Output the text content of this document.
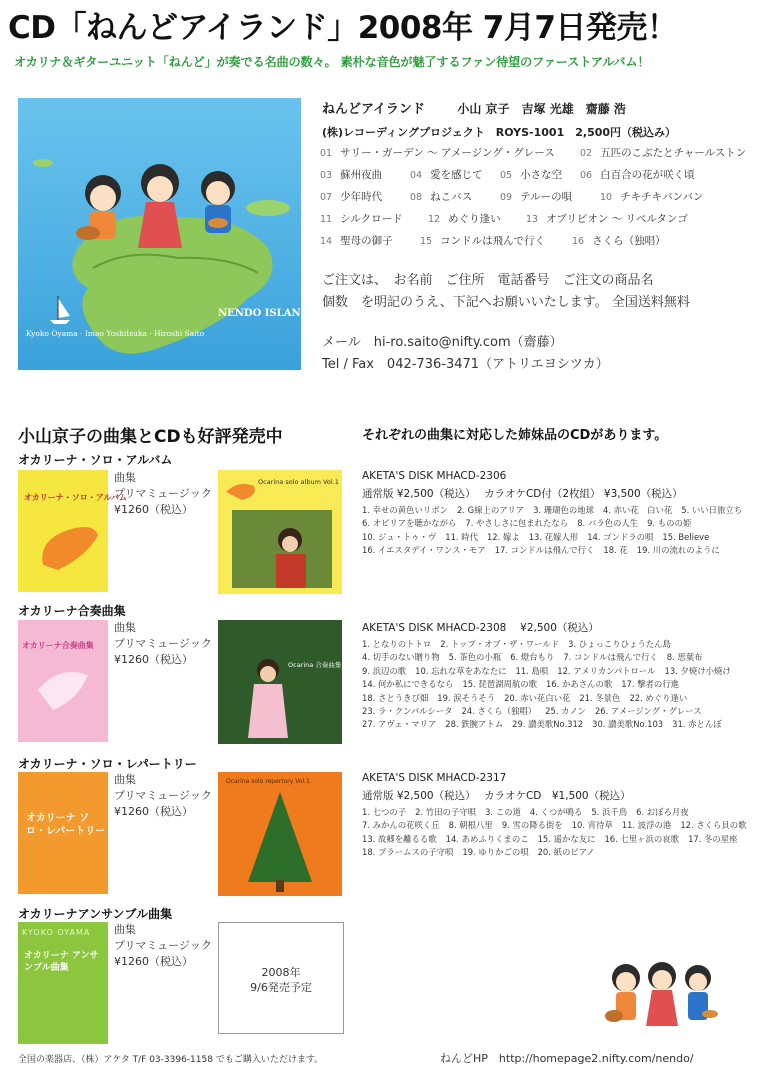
CD「ねんどアイランド」2008年 7月7日発売！
オカリナ＆ギターユニット「ねんど」が奏でる名曲の数々。 素朴な音色が魅了するファン待望のファーストアルバム！
NENDO ISLAND
Kyoko Oyama · Imao Yoshitsuka · Hiroshi Saito
ねんどアイランド	小山 京子　吉塚 光雄　齋藤 浩
(株)レコーディングプロジェクト　ROYS-1001　2,500円（税込み）
01 サリー・ガーデン 〜 アメージング・グレース	02 五匹のこぶたとチャールストン
03 蘇州夜曲	04 愛を感じて 05 小さな空 06 白百合の花が咲く頃
07 少年時代	08 ねこバス	09 テルーの唄	10 チキチキバンバン
11 シルクロード	12 めぐり逢い	13 オブリビオン 〜 リベルタンゴ
14 聖母の御子	15 コンドルは飛んで行く	16 さくら（独唱）
ご注文は、　お名前　ご住所　電話番号　ご注文の商品名
個数　を明記のうえ、下記へお願いいたします。 全国送料無料
メール　hi-ro.saito@nifty.com（齋藤）
Tel / Fax　042-736-3471（アトリエヨシツカ）
小山京子の曲集とCDも好評発売中	それぞれの曲集に対応した姉妹品のCDがあります。
オカリーナ・ソロ・アルバム
オカリーナ・ソロ・アルバム
曲集
プリマミュージック
¥1260（税込）
Ocarina solo album Vol.1 AKETA'S DISK MHACD-2306
通常版 ¥2,500（税込）　 カラオケCD付（2枚組） ¥3,500（税込）
1. 幸せの黄色いリボン 2. G線上のアリア 3. 珊瑚色の地球 4. 赤い花　白い花 5. いい日旅立ち6. オビリアを聴かながら 7. やさしさに包まれたなら 8. バラ色の人生 9. ものの姫10. ジュ・トゥ・ヴ 11. 時代 12. 嫁よ 13. 花嫁人形 14. ゴンドラの唄 15. Believe16. イエスタデイ・ワンス・モア 17. コンドルは飛んで行く 18. 花 19. 川の流れのように
オカリーナ合奏曲集
オカリーナ合奏曲集
曲集
プリマミュージック
¥1260（税込）	Ocarina 合奏曲集
AKETA'S DISK MHACD-2308　 ¥2,500（税込）
1. となりのトトロ 2. トップ・オブ・ザ・ワールド 3. ひょっこりひょうたん島4. 切手のない贈り物 5. 茶色の小瓶 6. 燈台もり 7. コンドルは飛んで行く 8. 思葉布9. 浜辺の歌 10. 忘れな草をあなたに 11. 島唄 12. アメリカンパトロール 13. 夕焼け小焼け14. 何か私にできるなら 15. 琵琶湖周航の歌 16. かあさんの歌 17. 撃者の行進18. さとうきび畑 19. 涙そうそう 20. 赤い花白い花 21. 冬景色 22. めぐり逢い23. ラ・クンパルシータ 24. さくら（独唱） 25. カノン 26. アメージング・グレース27. アヴェ・マリア 28. 鉄腕アトム 29. 讃美歌No.312 30. 讃美歌No.103 31. 赤とんぼ
オカリーナ・ソロ・レパートリー
オカリーナ ソロ・レパートリー
曲集
プリマミュージック
¥1260（税込）
Ocarina solo repertory Vol.1	AKETA'S DISK MHACD-2317
通常版 ¥2,500（税込）　 カラオケCD　¥1,500（税込）
1. 七つの子 2. 竹田の子守唄 3. この道 4. くつが鳴る 5. 浜千鳥 6. おぼろ月夜7. みかんの花咲く丘 8. 朝根八里 9. 雪の降る街を 10. 宵待草 11. 波浮の港 12. さくら貝の歌13. 故郷を離るる歌 14. あめふりくまのこ 15. 遥かな友に 16. 七里ヶ浜の哀歌 17. 冬の星座18. ブラームスの子守唄 19. ゆりかごの唄 20. 紙のピアノ
オカリーナアンサンブル曲集
KYOKO OYAMA
オカリーナ アンサンブル曲集
曲集
プリマミュージック
¥1260（税込）
2008年
9/6発売予定
全国の楽器店、（株）アケタ T/F 03-3396-1158 でもご購入いただけます。	ねんどHP　http://homepage2.nifty.com/nendo/
